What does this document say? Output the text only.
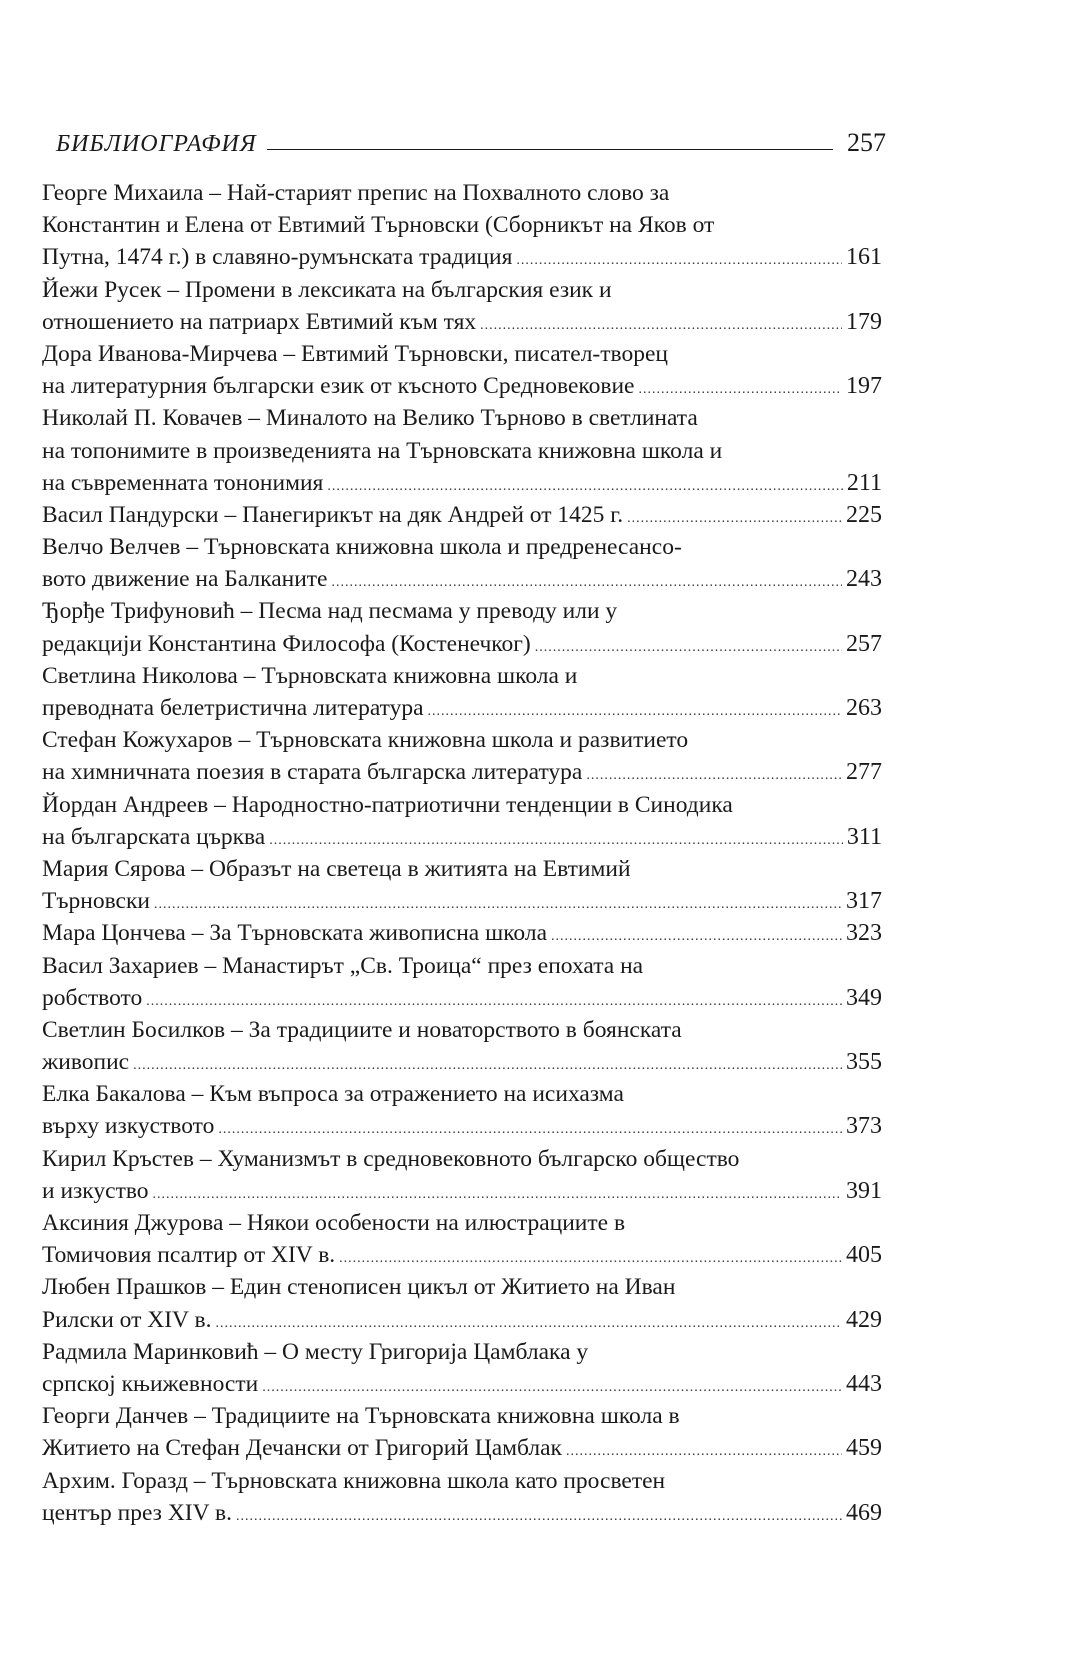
БИБЛИОГРАФИЯ	257
Георге Михаила – Най-старият препис на Похвалното слово за
Константин и Елена от Евтимий Търновски (Сборникът на Яков от
Путна, 1474 г.) в славяно-румънската традиция .....	161
Йежи Русек – Промени в лексиката на българския език и
отношението на патриарх Евтимий към тях .....	179
Дора Иванова-Мирчева – Евтимий Търновски, писател-творец
на литературния български език от късното Средновековие .....	197
Николай П. Ковачев – Миналото на Велико Търново в светлината
на топонимите в произведенията на Търновската книжовна школа и
на съвременната тононимия .....	211
Васил Пандурски – Панегирикът на дяк Андрей от 1425 г. .....	225
Велчо Велчев – Търновската книжовна школа и предренесансо-
вото движение на Балканите .....	243
Ђорђе Трифуновић – Песма над песмама у преводу или у
редакцији Константина Философа (Костенечког) .....	257
Светлина Николова – Търновската книжовна школа и
преводната белетристична литература .....	263
Стефан Кожухаров – Търновската книжовна школа и развитието
на химничната поезия в старата българска литература .....	277
Йордан Андреев – Народностно-патриотични тенденции в Синодика
на българската църква .....	311
Мария Сярова – Образът на светеца в житията на Евтимий
Търновски .....	317
Мара Цончева – За Търновската живописна школа .....	323
Васил Захариев – Манастирът „Св. Троица“ през епохата на
робството .....	349
Светлин Босилков – За традициите и новаторството в боянската
живопис .....	355
Елка Бакалова – Към въпроса за отражението на исихазма
върху изкуството .....	373
Кирил Кръстев – Хуманизмът в средновековното българско общество
и изкуство .....	391
Аксиния Джурова – Някои особености на илюстрациите в
Томичовия псалтир от XIV в. .....	405
Любен Прашков – Един стенописен цикъл от Житието на Иван
Рилски от XIV в. .....	429
Радмила Маринковић – О месту Григорија Цамблака у
српској књижевности .....	443
Георги Данчев – Традициите на Търновската книжовна школа в
Житието на Стефан Дечански от Григорий Цамблак .....	459
Архим. Горазд – Търновската книжовна школа като просветен
център през XIV в. .....	469
